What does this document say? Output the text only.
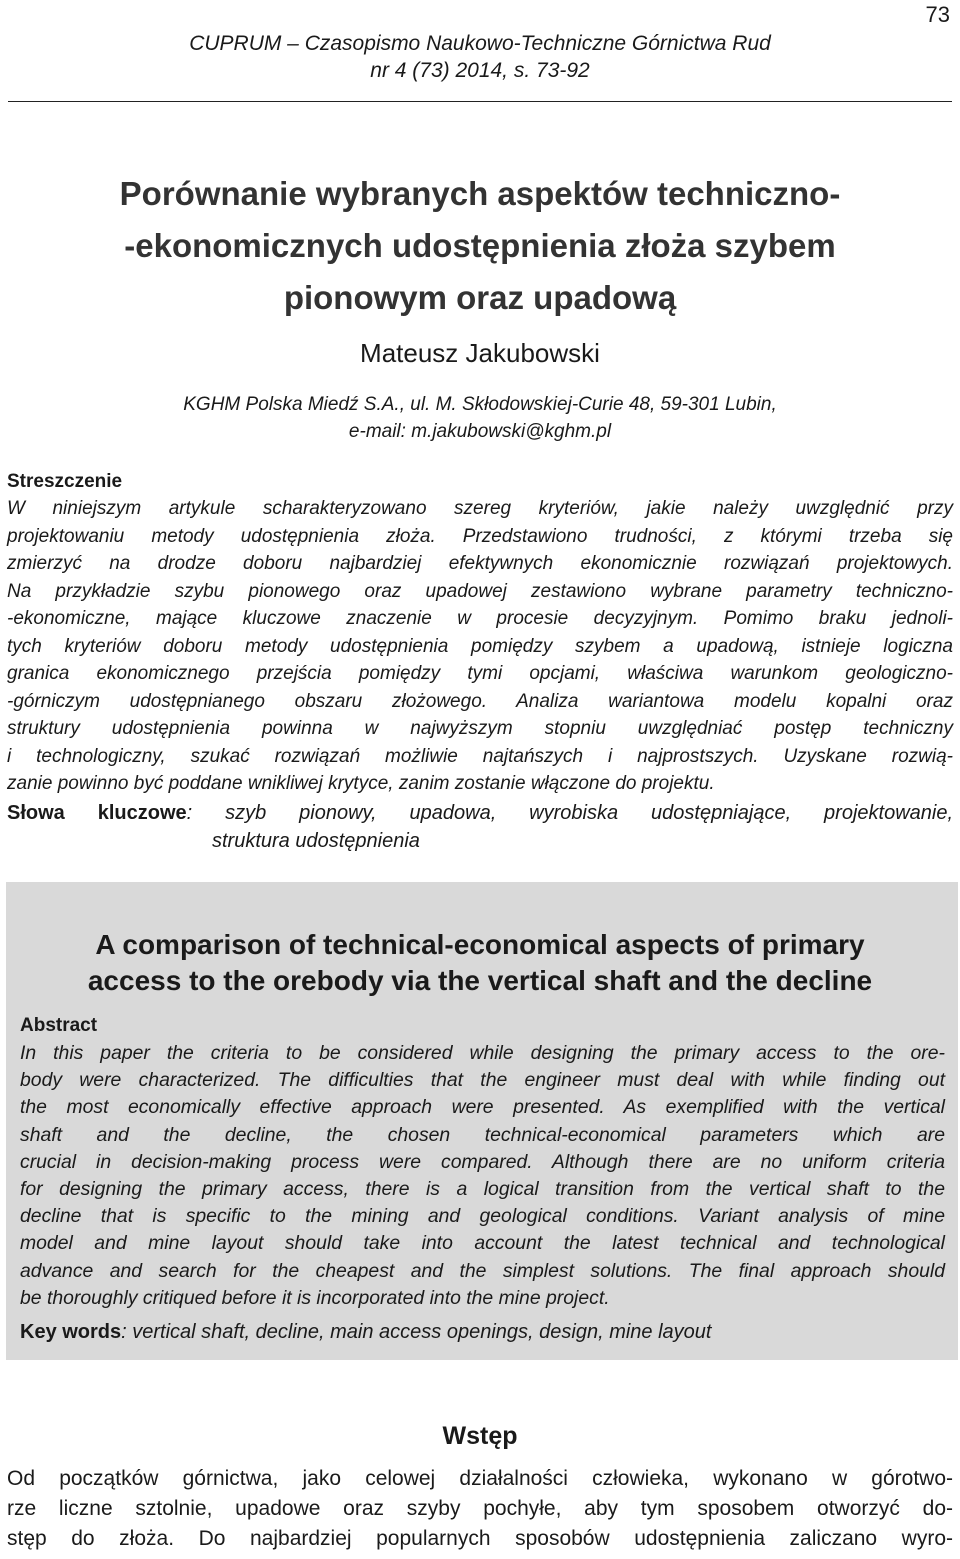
73
CUPRUM – Czasopismo Naukowo-Techniczne Górnictwa Rud
nr 4 (73) 2014, s. 73-92
Porównanie wybranych aspektów techniczno-
-ekonomicznych udostępnienia złoża szybem
pionowym oraz upadową
Mateusz Jakubowski
KGHM Polska Miedź S.A., ul. M. Skłodowskiej-Curie 48, 59-301 Lubin,
e-mail: m.jakubowski@kghm.pl
Streszczenie
W niniejszym artykule scharakteryzowano szereg kryteriów, jakie należy uwzględnić przy
projektowaniu metody udostępnienia złoża. Przedstawiono trudności, z którymi trzeba się
zmierzyć na drodze doboru najbardziej efektywnych ekonomicznie rozwiązań projektowych.
Na przykładzie szybu pionowego oraz upadowej zestawiono wybrane parametry techniczno-
-ekonomiczne, mające kluczowe znaczenie w procesie decyzyjnym. Pomimo braku jednoli-
tych kryteriów doboru metody udostępnienia pomiędzy szybem a upadową, istnieje logiczna
granica ekonomicznego przejścia pomiędzy tymi opcjami, właściwa warunkom geologiczno-
-górniczym udostępnianego obszaru złożowego. Analiza wariantowa modelu kopalni oraz
struktury udostępnienia powinna w najwyższym stopniu uwzględniać postęp techniczny
i technologiczny, szukać rozwiązań możliwie najtańszych i najprostszych. Uzyskane rozwią-
zanie powinno być poddane wnikliwej krytyce, zanim zostanie włączone do projektu.
Słowa kluczowe: szyb pionowy, upadowa, wyrobiska udostępniające, projektowanie,
struktura udostępnienia
A comparison of technical-economical aspects of primary
access to the orebody via the vertical shaft and the decline
Abstract
In this paper the criteria to be considered while designing the primary access to the ore-
body were characterized. The difficulties that the engineer must deal with while finding out
the most economically effective approach were presented. As exemplified with the vertical
shaft and the decline, the chosen technical-economical parameters which are
crucial in decision-making process were compared. Although there are no uniform criteria
for designing the primary access, there is a logical transition from the vertical shaft to the
decline that is specific to the mining and geological conditions. Variant analysis of mine
model and mine layout should take into account the latest technical and technological
advance and search for the cheapest and the simplest solutions. The final approach should
be thoroughly critiqued before it is incorporated into the mine project.
Key words: vertical shaft, decline, main access openings, design, mine layout
Wstęp
Od początków górnictwa, jako celowej działalności człowieka, wykonano w górotwo-
rze liczne sztolnie, upadowe oraz szyby pochyłe, aby tym sposobem otworzyć do-
stęp do złoża. Do najbardziej popularnych sposobów udostępnienia zaliczano wyro-
